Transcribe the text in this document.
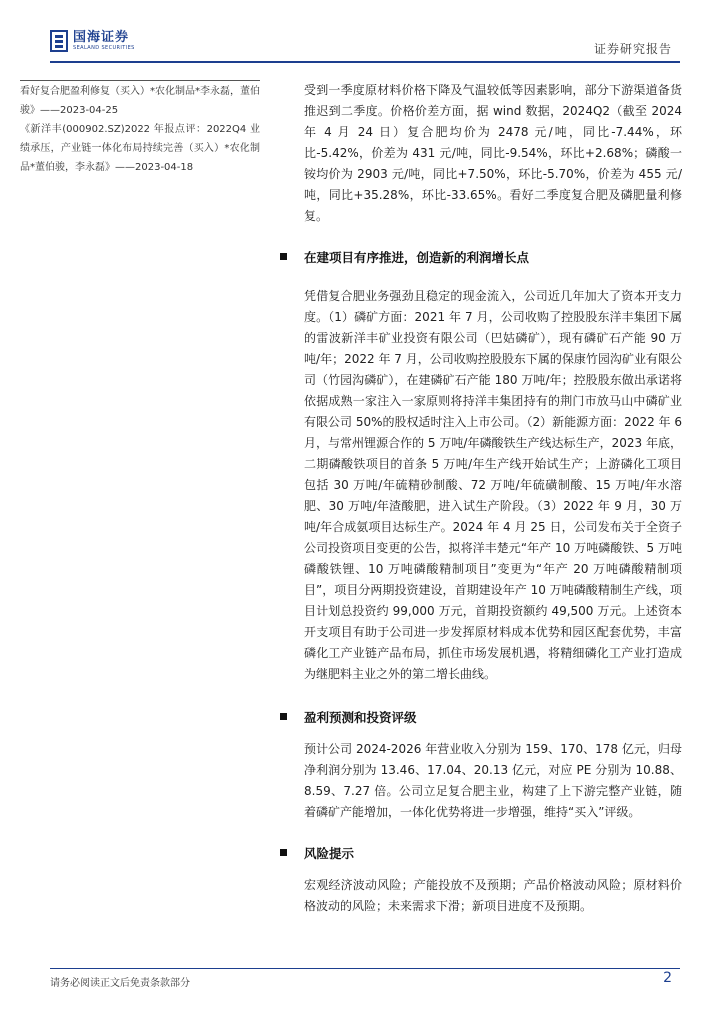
国海证券
SEALAND SECURITIES	证券研究报告
看好复合肥盈利修复（买入）*农化制品*李永磊，董伯骏》——2023-04-25
《新洋丰(000902.SZ)2022 年报点评：2022Q4 业绩承压，产业链一体化布局持续完善（买入）*农化制品*董伯骏，李永磊》——2023-04-18

受到一季度原材料价格下降及气温较低等因素影响，部分下游渠道备货推迟到二季度。价格价差方面，据 wind 数据，2024Q2（截至 2024 年 4 月 24 日）复合肥均价为 2478 元/吨，同比-7.44%，环比-5.42%，价差为 431 元/吨，同比-9.54%，环比+2.68%；磷酸一铵均价为 2903 元/吨，同比+7.50%，环比-5.70%，价差为 455 元/吨，同比+35.28%，环比-33.65%。看好二季度复合肥及磷肥量利修复。

在建项目有序推进，创造新的利润增长点

凭借复合肥业务强劲且稳定的现金流入，公司近几年加大了资本开支力度。（1）磷矿方面：2021 年 7 月，公司收购了控股股东洋丰集团下属的雷波新洋丰矿业投资有限公司（巴姑磷矿），现有磷矿石产能 90 万吨/年；2022 年 7 月，公司收购控股股东下属的保康竹园沟矿业有限公司（竹园沟磷矿），在建磷矿石产能 180 万吨/年；控股股东做出承诺将依据成熟一家注入一家原则将持洋丰集团持有的荆门市放马山中磷矿业有限公司 50%的股权适时注入上市公司。（2）新能源方面：2022 年 6 月，与常州锂源合作的 5 万吨/年磷酸铁生产线达标生产，2023 年底，二期磷酸铁项目的首条 5 万吨/年生产线开始试生产；上游磷化工项目包括 30 万吨/年硫精砂制酸、72 万吨/年硫磺制酸、15 万吨/年水溶肥、30 万吨/年渣酸肥，进入试生产阶段。（3）2022 年 9 月，30 万吨/年合成氨项目达标生产。2024 年 4 月 25 日，公司发布关于全资子公司投资项目变更的公告，拟将洋丰楚元“年产 10 万吨磷酸铁、5 万吨磷酸铁锂、10 万吨磷酸精制项目”变更为“年产 20 万吨磷酸精制项目”，项目分两期投资建设，首期建设年产 10 万吨磷酸精制生产线，项目计划总投资约 99,000 万元，首期投资额约 49,500 万元。上述资本开支项目有助于公司进一步发挥原材料成本优势和园区配套优势，丰富磷化工产业链产品布局，抓住市场发展机遇，将精细磷化工产业打造成为继肥料主业之外的第二增长曲线。

盈利预测和投资评级

预计公司 2024-2026 年营业收入分别为 159、170、178 亿元，归母净利润分别为 13.46、17.04、20.13 亿元，对应 PE 分别为 10.88、8.59、7.27 倍。公司立足复合肥主业，构建了上下游完整产业链，随着磷矿产能增加，一体化优势将进一步增强，维持“买入”评级。

风险提示

宏观经济波动风险；产能投放不及预期；产品价格波动风险；原材料价格波动的风险；未来需求下滑；新项目进度不及预期。

请务必阅读正文后免责条款部分	2
